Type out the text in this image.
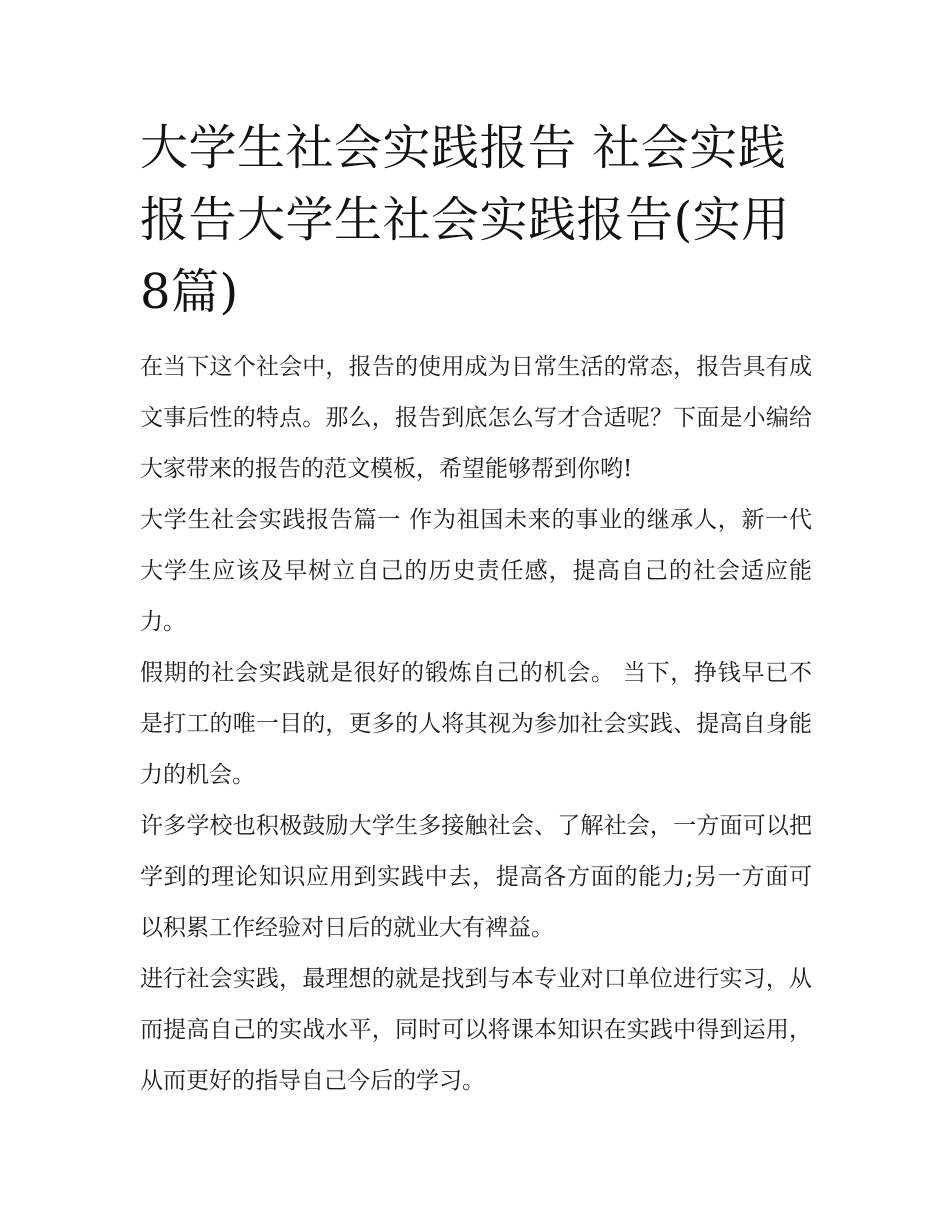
大学生社会实践报告 社会实践报告大学生社会实践报告(实用8篇)

在当下这个社会中，报告的使用成为日常生活的常态，报告具有成文事后性的特点。那么，报告到底怎么写才合适呢？下面是小编给大家带来的报告的范文模板，希望能够帮到你哟!

大学生社会实践报告篇一 作为祖国未来的事业的继承人，新一代大学生应该及早树立自己的历史责任感，提高自己的社会适应能力。

假期的社会实践就是很好的锻炼自己的机会。 当下，挣钱早已不是打工的唯一目的，更多的人将其视为参加社会实践、提高自身能力的机会。

许多学校也积极鼓励大学生多接触社会、了解社会，一方面可以把学到的理论知识应用到实践中去，提高各方面的能力;另一方面可以积累工作经验对日后的就业大有裨益。

进行社会实践，最理想的就是找到与本专业对口单位进行实习，从而提高自己的实战水平，同时可以将课本知识在实践中得到运用，从而更好的指导自己今后的学习。
